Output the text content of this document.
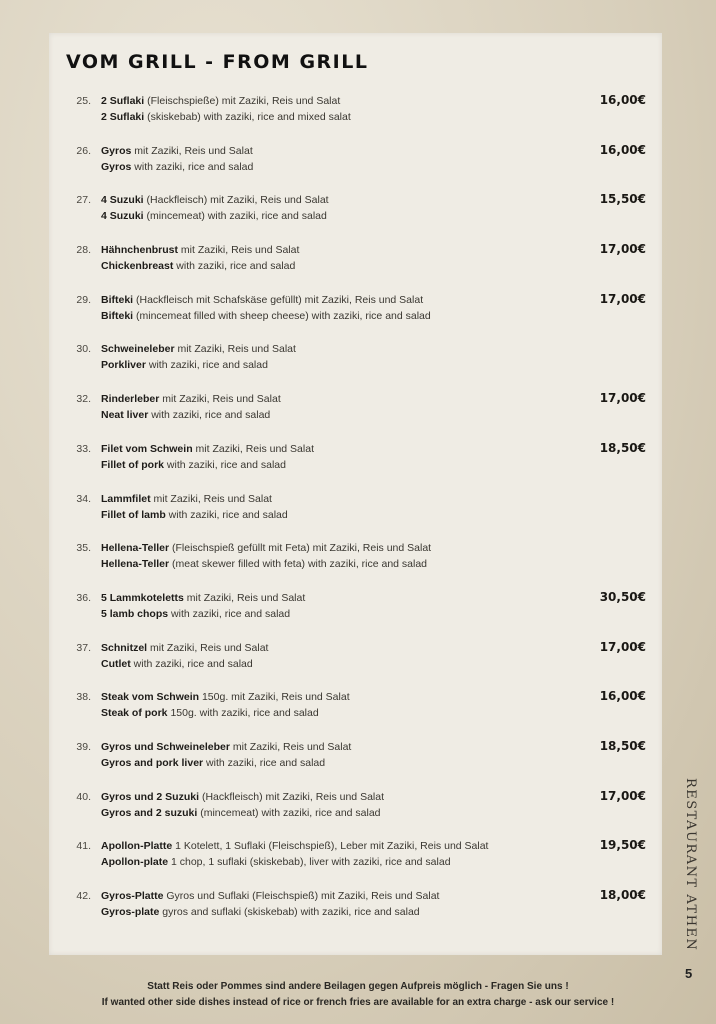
VOM GRILL - FROM GRILL
25. 2 Suflaki (Fleischspieße) mit Zaziki, Reis und Salat
2 Suflaki (skiskebab) with zaziki, rice and mixed salat
16,00€
26. Gyros mit Zaziki, Reis und Salat
Gyros with zaziki, rice and salad
16,00€
27. 4 Suzuki (Hackfleisch) mit Zaziki, Reis und Salat
4 Suzuki (mincemeat) with zaziki, rice and salad
15,50€
28. Hähnchenbrust mit Zaziki, Reis und Salat
Chickenbreast with zaziki, rice and salad
17,00€
29. Bifteki (Hackfleisch mit Schafskäse gefüllt) mit Zaziki, Reis und Salat
Bifteki (mincemeat filled with sheep cheese) with zaziki, rice and salad
17,00€
30. Schweineleber mit Zaziki, Reis und Salat
Porkliver with zaziki, rice and salad
32. Rinderleber mit Zaziki, Reis und Salat
Neat liver with zaziki, rice and salad
17,00€
33. Filet vom Schwein mit Zaziki, Reis und Salat
Fillet of pork with zaziki, rice and salad
18,50€
34. Lammfilet mit Zaziki, Reis und Salat
Fillet of lamb with zaziki, rice and salad
35. Hellena-Teller (Fleischspieß gefüllt mit Feta) mit Zaziki, Reis und Salat
Hellena-Teller (meat skewer filled with feta) with zaziki, rice and salad
36. 5 Lammkoteletts mit Zaziki, Reis und Salat
5 lamb chops with zaziki, rice and salad
30,50€
37. Schnitzel mit Zaziki, Reis und Salat
Cutlet with zaziki, rice and salad
17,00€
38. Steak vom Schwein 150g. mit Zaziki, Reis und Salat
Steak of pork 150g. with zaziki, rice and salad
16,00€
39. Gyros und Schweineleber mit Zaziki, Reis und Salat
Gyros and pork liver with zaziki, rice and salad
18,50€
40. Gyros und 2 Suzuki (Hackfleisch) mit Zaziki, Reis und Salat
Gyros and 2 suzuki (mincemeat) with zaziki, rice and salad
17,00€
41. Apollon-Platte 1 Kotelett, 1 Suflaki (Fleischspieß), Leber mit Zaziki, Reis und Salat
Apollon-plate 1 chop, 1 suflaki (skiskebab), liver with zaziki, rice and salad
19,50€
42. Gyros-Platte Gyros und Suflaki (Fleischspieß) mit Zaziki, Reis und Salat
Gyros-plate gyros and suflaki (skiskebab) with zaziki, rice and salad
18,00€	RESTAURANT ATHEN
5
Statt Reis oder Pommes sind andere Beilagen gegen Aufpreis möglich - Fragen Sie uns !
If wanted other side dishes instead of rice or french fries are available for an extra charge - ask our service !
